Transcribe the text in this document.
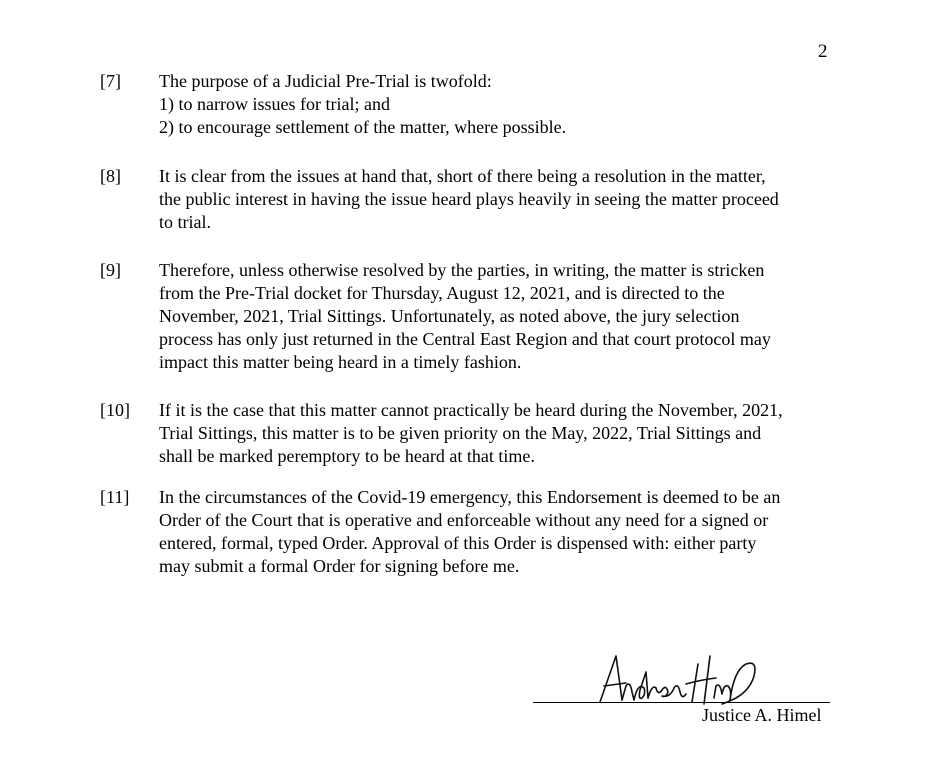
2
[7] The purpose of a Judicial Pre-Trial is twofold:
1) to narrow issues for trial; and
2) to encourage settlement of the matter, where possible.
[8] It is clear from the issues at hand that, short of there being a resolution in the matter,
the public interest in having the issue heard plays heavily in seeing the matter proceed
to trial.
[9] Therefore, unless otherwise resolved by the parties, in writing, the matter is stricken
from the Pre-Trial docket for Thursday, August 12, 2021, and is directed to the
November, 2021, Trial Sittings. Unfortunately, as noted above, the jury selection
process has only just returned in the Central East Region and that court protocol may
impact this matter being heard in a timely fashion.
[10] If it is the case that this matter cannot practically be heard during the November, 2021,
Trial Sittings, this matter is to be given priority on the May, 2022, Trial Sittings and
shall be marked peremptory to be heard at that time.
[11] In the circumstances of the Covid-19 emergency, this Endorsement is deemed to be an
Order of the Court that is operative and enforceable without any need for a signed or
entered, formal, typed Order. Approval of this Order is dispensed with: either party
may submit a formal Order for signing before me.
Justice A. Himel
